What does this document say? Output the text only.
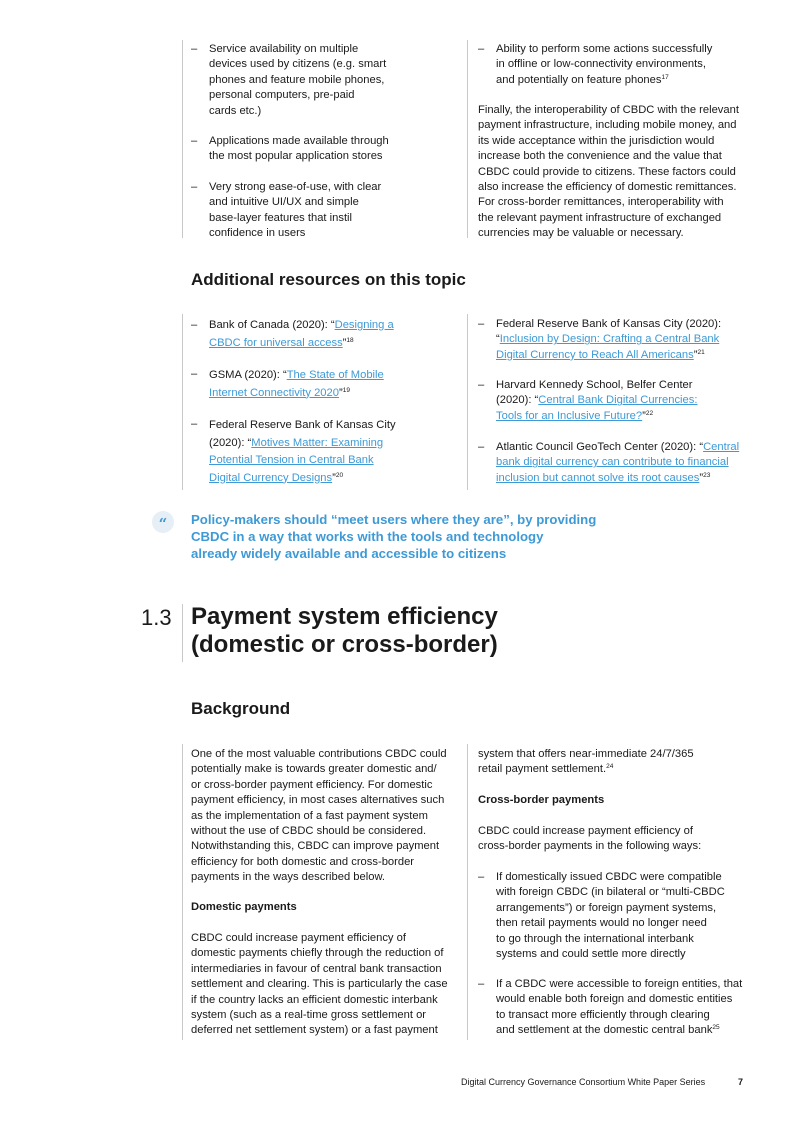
– Service availability on multiple
devices used by citizens (e.g. smart
phones and feature mobile phones,
personal computers, pre-paid
cards etc.)
– Applications made available through
the most popular application stores
– Very strong ease-of-use, with clear
and intuitive UI/UX and simple
base-layer features that instil
confidence in users
– Ability to perform some actions successfully
in offline or low-connectivity environments,
and potentially on feature phones$^{17}$
Finally, the interoperability of CBDC with the relevant
payment infrastructure, including mobile money, and
its wide acceptance within the jurisdiction would
increase both the convenience and the value that
CBDC could provide to citizens. These factors could
also increase the efficiency of domestic remittances.
For cross-border remittances, interoperability with
the relevant payment infrastructure of exchanged
currencies may be valuable or necessary.
Additional resources on this topic
– Bank of Canada (2020): “Designing a
CBDC for universal access”$^{18}$
– GSMA (2020): “The State of Mobile
Internet Connectivity 2020”$^{19}$
– Federal Reserve Bank of Kansas City
(2020): “Motives Matter: Examining
Potential Tension in Central Bank
Digital Currency Designs”$^{20}$
– Federal Reserve Bank of Kansas City (2020):
“Inclusion by Design: Crafting a Central Bank
Digital Currency to Reach All Americans”$^{21}$
– Harvard Kennedy School, Belfer Center
(2020): “Central Bank Digital Currencies:
Tools for an Inclusive Future?”$^{22}$
– Atlantic Council GeoTech Center (2020): “Central
bank digital currency can contribute to financial
inclusion but cannot solve its root causes”$^{23}$
“	Policy-makers should “meet users where they are”, by providing
CBDC in a way that works with the tools and technology
already widely available and accessible to citizens
1.3 Payment system efficiency
(domestic or cross-border)
Background
One of the most valuable contributions CBDC could
potentially make is towards greater domestic and/
or cross-border payment efficiency. For domestic
payment efficiency, in most cases alternatives such
as the implementation of a fast payment system
without the use of CBDC should be considered.
Notwithstanding this, CBDC can improve payment
efficiency for both domestic and cross-border
payments in the ways described below.
Domestic payments
CBDC could increase payment efficiency of
domestic payments chiefly through the reduction of
intermediaries in favour of central bank transaction
settlement and clearing. This is particularly the case
if the country lacks an efficient domestic interbank
system (such as a real-time gross settlement or
deferred net settlement system) or a fast payment
system that offers near-immediate 24/7/365
retail payment settlement.$^{24}$
Cross-border payments
CBDC could increase payment efficiency of
cross-border payments in the following ways:
– If domestically issued CBDC were compatible
with foreign CBDC (in bilateral or “multi-CBDC
arrangements”) or foreign payment systems,
then retail payments would no longer need
to go through the international interbank
systems and could settle more directly
– If a CBDC were accessible to foreign entities, that
would enable both foreign and domestic entities
to transact more efficiently through clearing
and settlement at the domestic central bank$^{25}$
Digital Currency Governance Consortium White Paper Series	7
